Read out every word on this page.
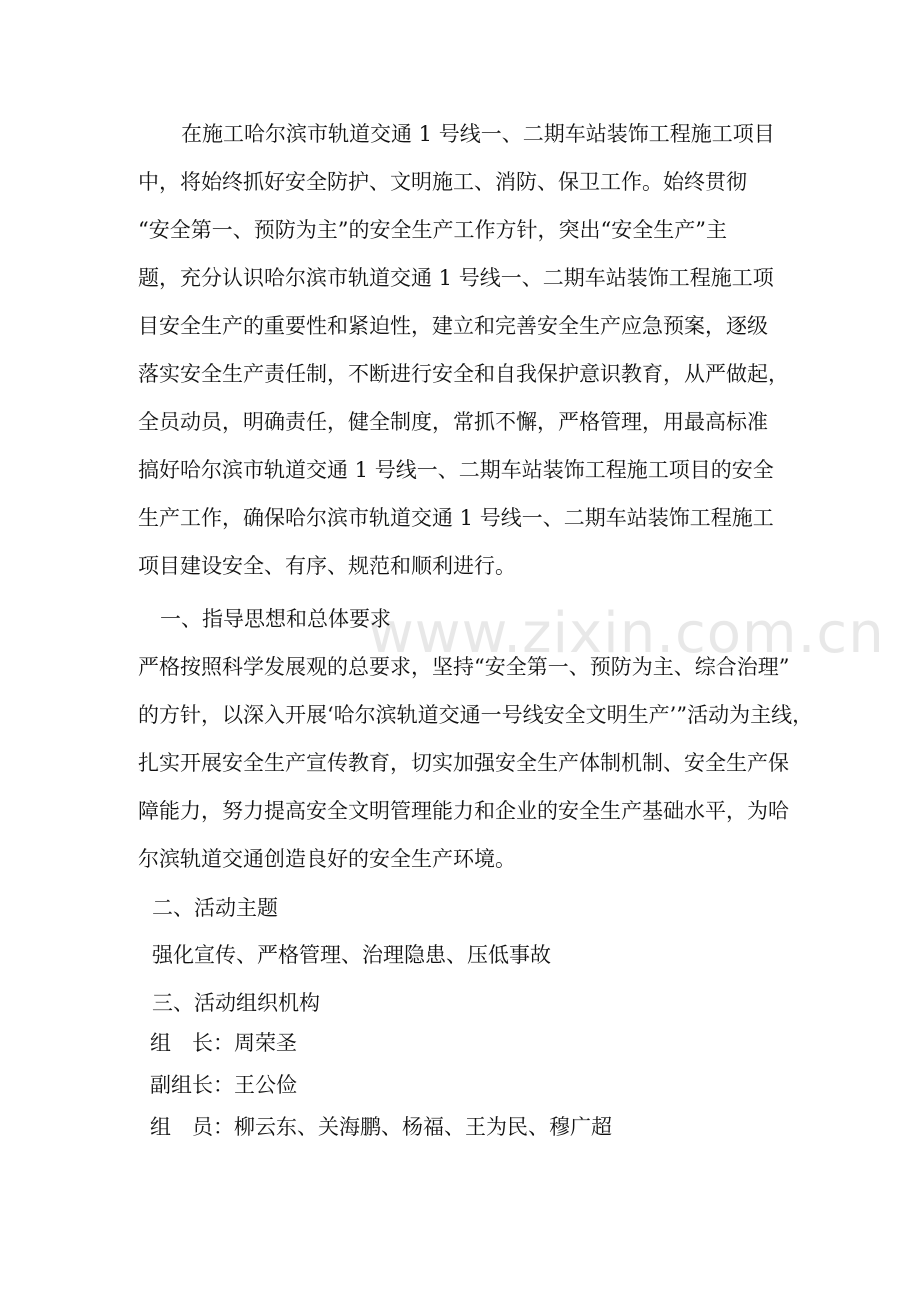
www.zixin.com.cn
在施工哈尔滨市轨道交通 1 号线一、二期车站装饰工程施工项目
中，将始终抓好安全防护、文明施工、消防、保卫工作。始终贯彻
“安全第一、预防为主”的安全生产工作方针，突出“安全生产”主
题，充分认识哈尔滨市轨道交通 1 号线一、二期车站装饰工程施工项
目安全生产的重要性和紧迫性，建立和完善安全生产应急预案，逐级
落实安全生产责任制，不断进行安全和自我保护意识教育，从严做起，
全员动员，明确责任，健全制度，常抓不懈，严格管理，用最高标准
搞好哈尔滨市轨道交通 1 号线一、二期车站装饰工程施工项目的安全
生产工作，确保哈尔滨市轨道交通 1 号线一、二期车站装饰工程施工
项目建设安全、有序、规范和顺利进行。
一、指导思想和总体要求
严格按照科学发展观的总要求，坚持“安全第一、预防为主、综合治理”
的方针，以深入开展‘哈尔滨轨道交通一号线安全文明生产’”活动为主线，
扎实开展安全生产宣传教育，切实加强安全生产体制机制、安全生产保
障能力，努力提高安全文明管理能力和企业的安全生产基础水平，为哈
尔滨轨道交通创造良好的安全生产环境。
二、活动主题
强化宣传、严格管理、治理隐患、压低事故
三、活动组织机构
组　长：周荣圣
副组长：王公俭
组　员：柳云东、关海鹏、杨福、王为民、穆广超
